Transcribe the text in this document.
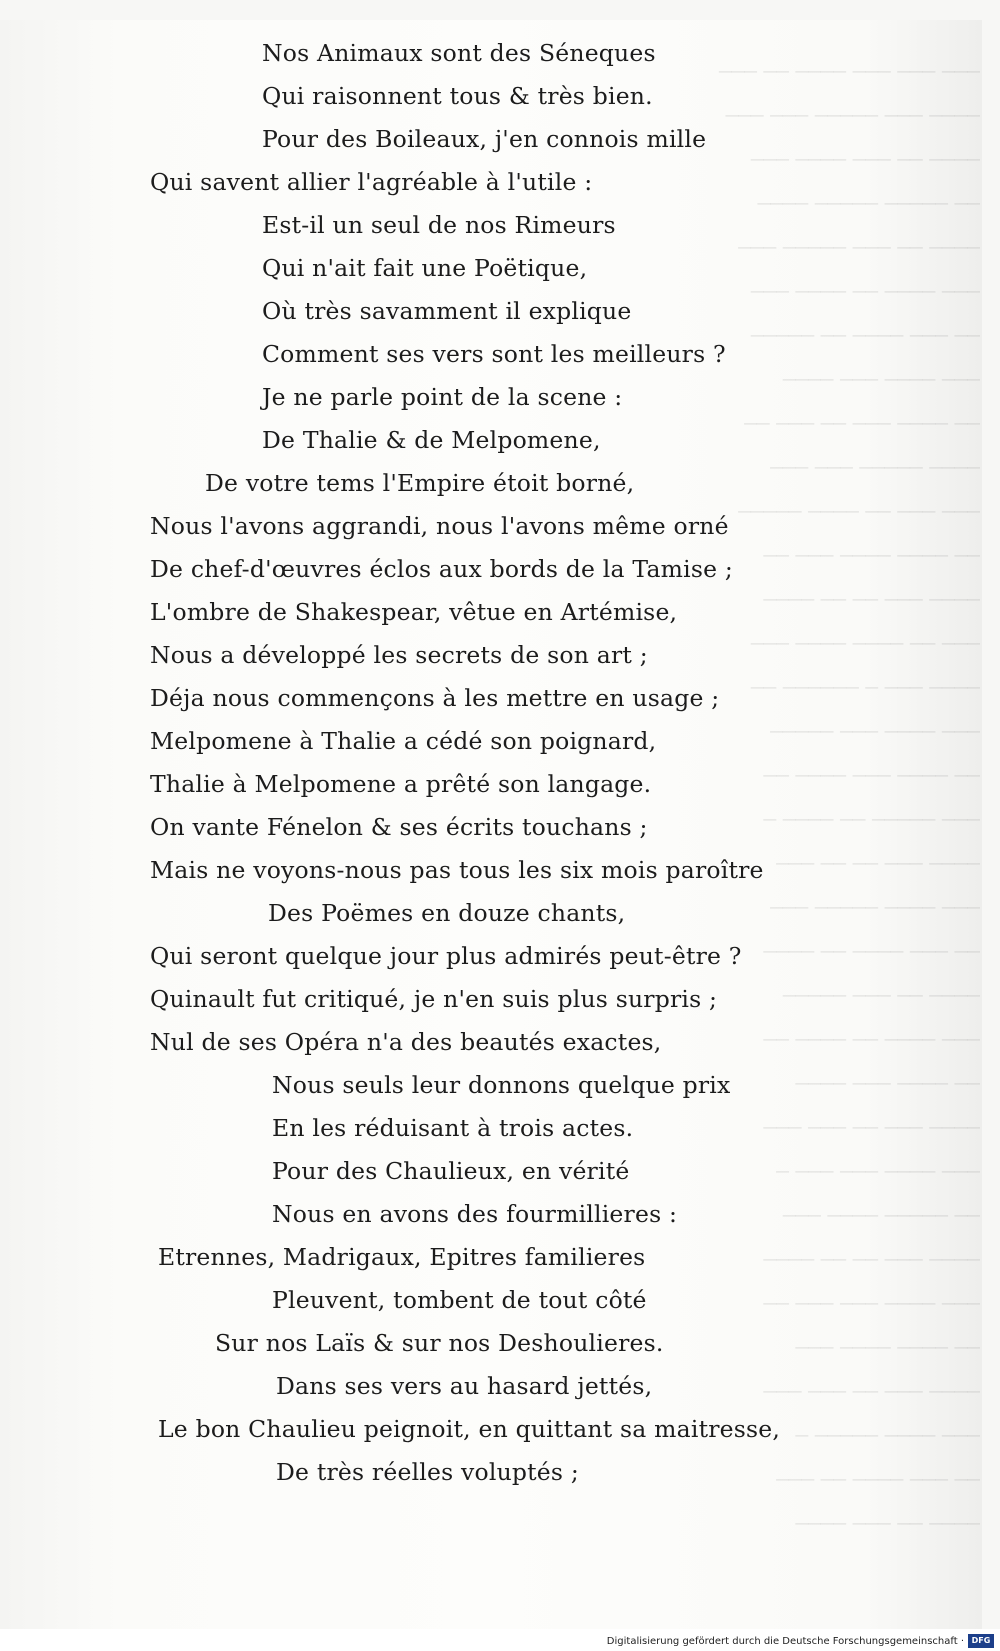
─── ─── ─── ──── ── ───
──── ─── ───── ─── ───
──── ── ─── ──── ───
── ───── ───── ────
──── ── ─── ───── ───
─── ──── ── ──── ───
── ─── ──── ── ─────
─── ──── ─── ────
── ──── ─── ── ─── ──
──── ───── ─── ───
─── ─── ── ──── ─────
── ──── ──── ─── ──
──── ─── ── ── ────
─── ── ──── ──── ───
──── ─── ─ ────── ──
─── ──── ─── ─────
── ──── ─── ──── ──
─── ───── ── ──── ─
──── ─── ── ── ───
─── ──── ───── ───
── ─── ──── ── ────
──── ── ─── ─────
─── ──── ── ──── ──
── ──── ─── ────
──── ─── ── ─── ───
─── ──── ─── ─── ─
── ───── ──── ───
──── ─── ── ── ────
─── ──── ─── ─── ──
── ──── ──── ───
──── ─── ── ─── ───
─── ──── ───── ─
── ─── ──── ── ───
──── ── ─── ────
Nos Animaux sont des Séneques
Qui raisonnent tous & très bien.
Pour des Boileaux, j'en connois mille
Qui savent allier l'agréable à l'utile :
Est-il un seul de nos Rimeurs
Qui n'ait fait une Poëtique,
Où très savamment il explique
Comment ses vers sont les meilleurs ?
Je ne parle point de la scene :
De Thalie & de Melpomene,
De votre tems l'Empire étoit borné,
Nous l'avons aggrandi, nous l'avons même orné
De chef-d'œuvres éclos aux bords de la Tamise ;
L'ombre de Shakespear, vêtue en Artémise,
Nous a développé les secrets de son art ;
Déja nous commençons à les mettre en usage ;
Melpomene à Thalie a cédé son poignard,
Thalie à Melpomene a prêté son langage.
On vante Fénelon & ses écrits touchans ;
Mais ne voyons-nous pas tous les six mois paroître
Des Poëmes en douze chants,
Qui seront quelque jour plus admirés peut-être ?
Quinault fut critiqué, je n'en suis plus surpris ;
Nul de ses Opéra n'a des beautés exactes,
Nous seuls leur donnons quelque prix
En les réduisant à trois actes.
Pour des Chaulieux, en vérité
Nous en avons des fourmillieres :
Etrennes, Madrigaux, Epitres familieres
Pleuvent, tombent de tout côté
Sur nos Laïs & sur nos Deshoulieres.
Dans ses vers au hasard jettés,
Le bon Chaulieu peignoit, en quittant sa maitresse,
De très réelles voluptés ;
Digitalisierung gefördert durch die Deutsche Forschungsgemeinschaft · DFG
